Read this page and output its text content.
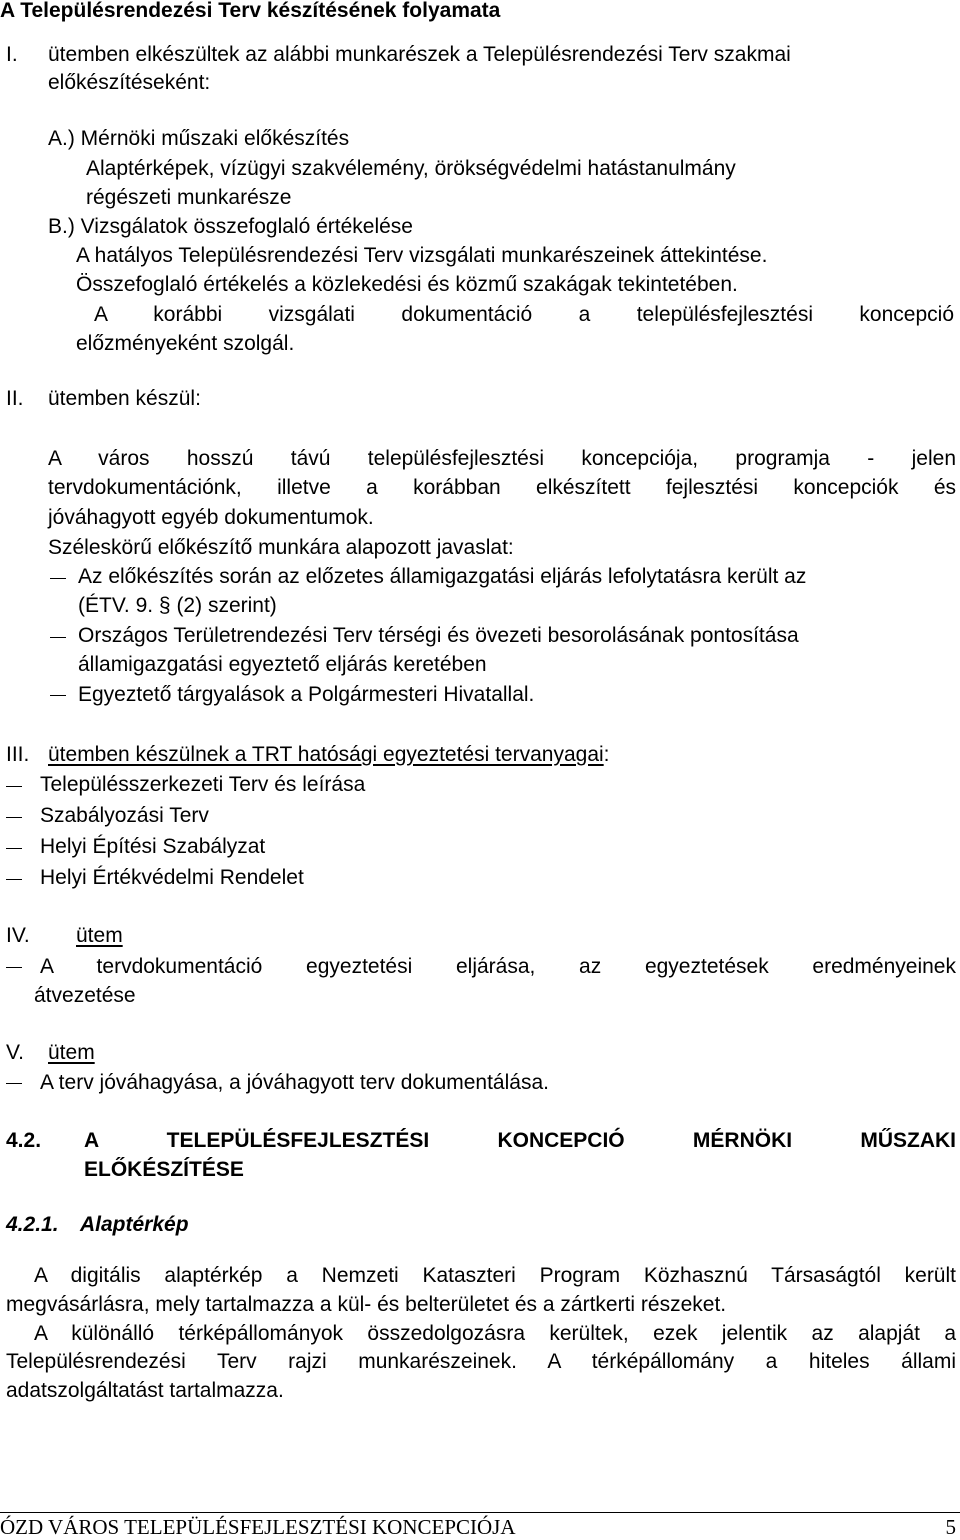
A Településrendezési Terv készítésének folyamata
I. ütemben elkészültek az alábbi munkarészek a Településrendezési Terv szakmai
előkészítéseként:
A.) Mérnöki műszaki előkészítés
Alaptérképek, vízügyi szakvélemény, örökségvédelmi hatástanulmány
régészeti munkarésze
B.) Vizsgálatok összefoglaló értékelése
A hatályos Településrendezési Terv vizsgálati munkarészeinek áttekintése.
Összefoglaló értékelés a közlekedési és közmű szakágak tekintetében.
A korábbi vizsgálati dokumentáció a településfejlesztési koncepció
előzményeként szolgál.
II. ütemben készül:
A város hosszú távú településfejlesztési koncepciója, programja - jelen
tervdokumentációnk, illetve a korábban elkészített fejlesztési koncepciók és
jóváhagyott egyéb dokumentumok.
Széleskörű előkészítő munkára alapozott javaslat:
Az előkészítés során az előzetes államigazgatási eljárás lefolytatásra került az
(ÉTV. 9. § (2) szerint)
Országos Területrendezési Terv térségi és övezeti besorolásának pontosítása
államigazgatási egyeztető eljárás keretében
Egyeztető tárgyalások a Polgármesteri Hivatallal.
III. ütemben készülnek a TRT hatósági egyeztetési tervanyagai:
Településszerkezeti Terv és leírása
Szabályozási Terv
Helyi Építési Szabályzat
Helyi Értékvédelmi Rendelet
IV. ütem
A tervdokumentáció egyeztetési eljárása, az egyeztetések eredményeinek
átvezetése
V. ütem
A terv jóváhagyása, a jóváhagyott terv dokumentálása.
4.2. A TELEPÜLÉSFEJLESZTÉSI KONCEPCIÓ MÉRNÖKI MŰSZAKI
ELŐKÉSZÍTÉSE
4.2.1. Alaptérkép
A digitális alaptérkép a Nemzeti Kataszteri Program Közhasznú Társaságtól került
megvásárlásra, mely tartalmazza a kül- és belterületet és a zártkerti részeket.
A különálló térképállományok összedolgozásra kerültek, ezek jelentik az alapját a
Településrendezési Terv rajzi munkarészeinek. A térképállomány a hiteles állami
adatszolgáltatást tartalmazza.
ÓZD VÁROS TELEPÜLÉSFEJLESZTÉSI KONCEPCIÓJA	5
